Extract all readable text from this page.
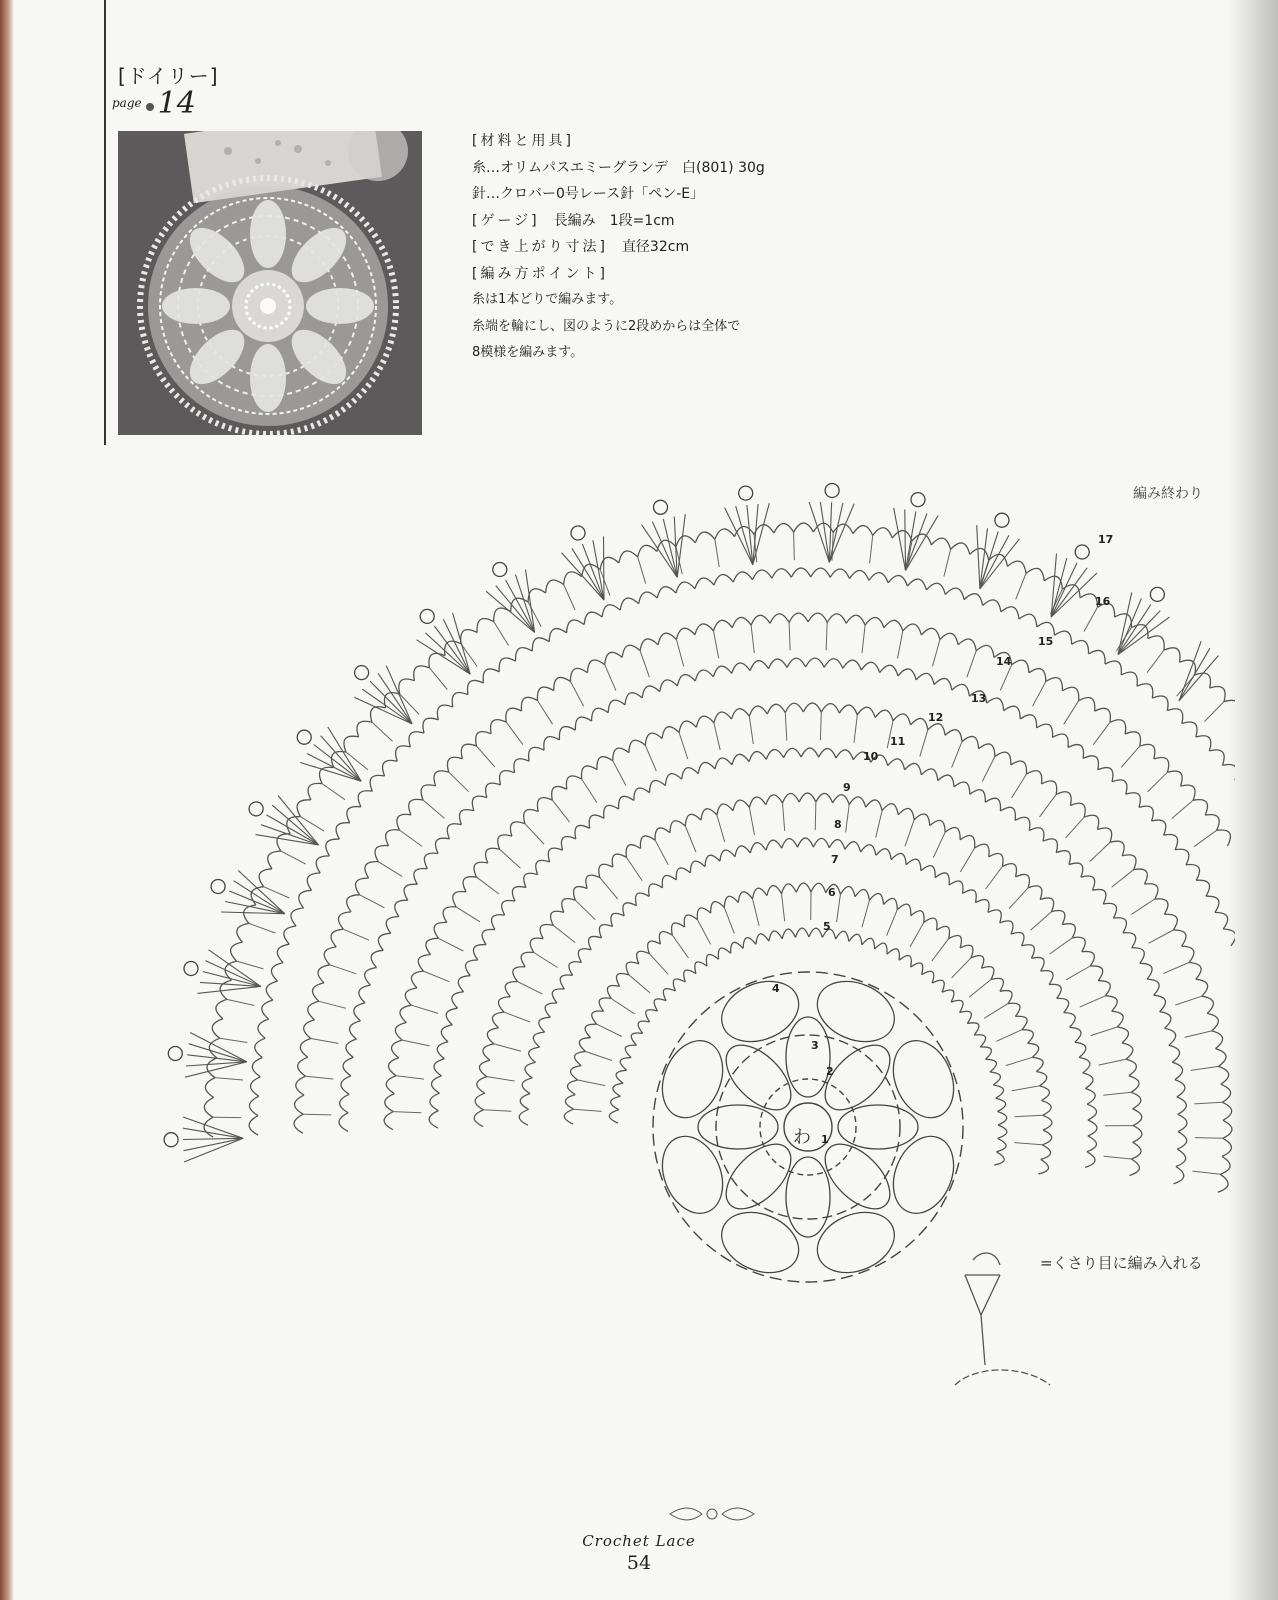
[ドイリー]
$^{page}$ 14
[材料と用具]
糸…オリムパスエミーグランデ　白(801) 30g
針…クロバー0号レース針「ペン-E」
[ゲージ]　 長編み　1段=1cm
[でき上がり寸法]　 直径32cm
[編み方ポイント]
糸は1本どりで編みます。
糸端を輪にし、図のように2段めからは全体で
8模様を編みます。
編み終わり
わ 1
2
3
4
5
6
7
8
9
10
11
12
13
14
15
16
17
=くさり目に編み入れる
Crochet Lace
54
